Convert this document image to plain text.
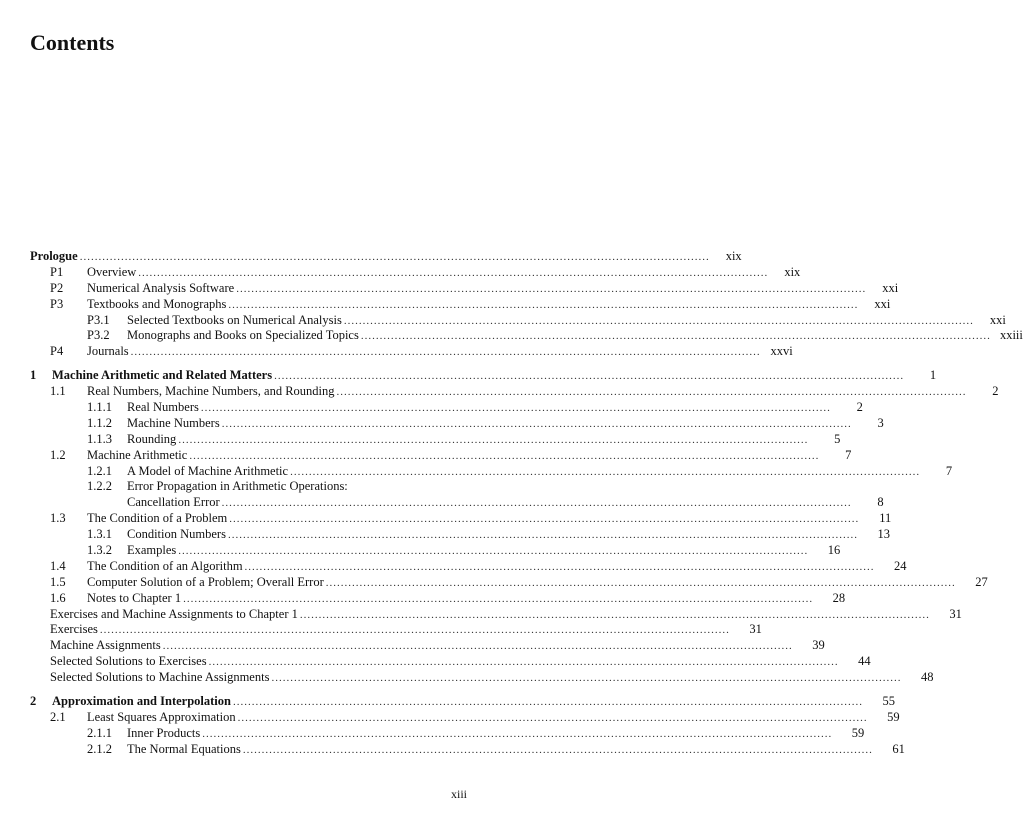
Contents
Prologue .....	xix
P1	Overview .....	xix
P2	Numerical Analysis Software .....	xxi
P3	Textbooks and Monographs .....	xxi
P3.1	Selected Textbooks on Numerical Analysis .....	xxi
P3.2	Monographs and Books on Specialized Topics .....	xxiii
P4	Journals .....	xxvi
1	Machine Arithmetic and Related Matters .....	1
1.1	Real Numbers, Machine Numbers, and Rounding .....	2
1.1.1	Real Numbers .....	2
1.1.2	Machine Numbers .....	3
1.1.3	Rounding .....	5
1.2	Machine Arithmetic .....	7
1.2.1	A Model of Machine Arithmetic .....	7
1.2.2	Error Propagation in Arithmetic Operations:
Cancellation Error .....	8
1.3	The Condition of a Problem .....	11
1.3.1	Condition Numbers .....	13
1.3.2	Examples .....	16
1.4	The Condition of an Algorithm .....	24
1.5	Computer Solution of a Problem; Overall Error .....	27
1.6	Notes to Chapter 1 .....	28
Exercises and Machine Assignments to Chapter 1 .....	31
Exercises .....	31
Machine Assignments .....	39
Selected Solutions to Exercises .....	44
Selected Solutions to Machine Assignments .....	48
2	Approximation and Interpolation .....	55
2.1	Least Squares Approximation .....	59
2.1.1	Inner Products .....	59
2.1.2	The Normal Equations .....	61
xiii
